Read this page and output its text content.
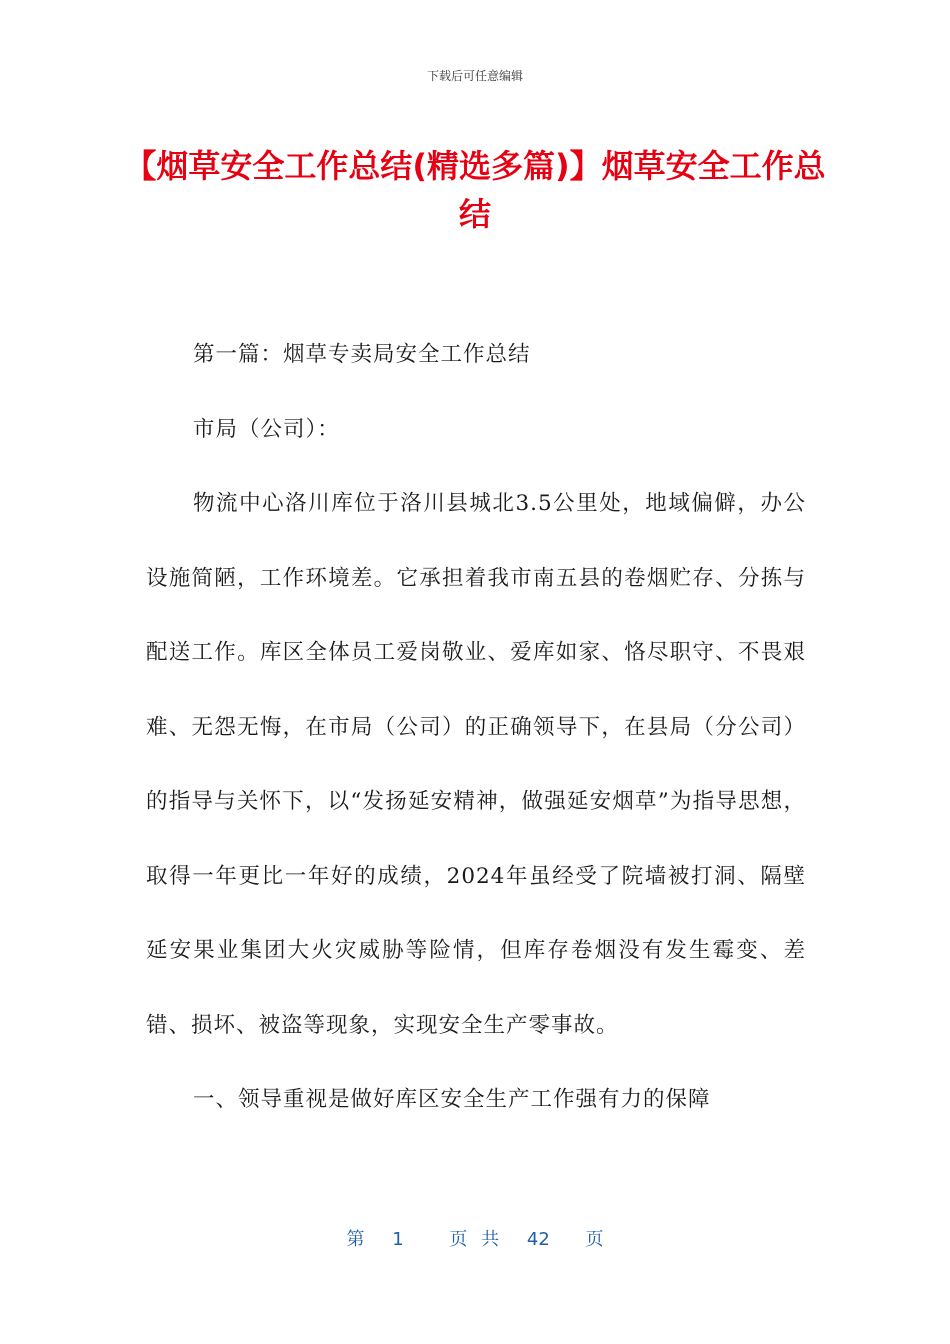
下载后可任意编辑
【烟草安全工作总结(精选多篇)】烟草安全工作总结

第一篇：烟草专卖局安全工作总结

市局（公司）：

物流中心洛川库位于洛川县城北3.5公里处，地域偏僻，办公设施简陋，工作环境差。它承担着我市南五县的卷烟贮存、分拣与配送工作。库区全体员工爱岗敬业、爱库如家、恪尽职守、不畏艰难、无怨无悔，在市局（公司）的正确领导下，在县局（分公司）的指导与关怀下，以“发扬延安精神，做强延安烟草”为指导思想，取得一年更比一年好的成绩，2024年虽经受了院墙被打洞、隔壁延安果业集团大火灾威胁等险情，但库存卷烟没有发生霉变、差错、损坏、被盗等现象，实现安全生产零事故。

一、领导重视是做好库区安全生产工作强有力的保障

第 1	页 共 42 页
